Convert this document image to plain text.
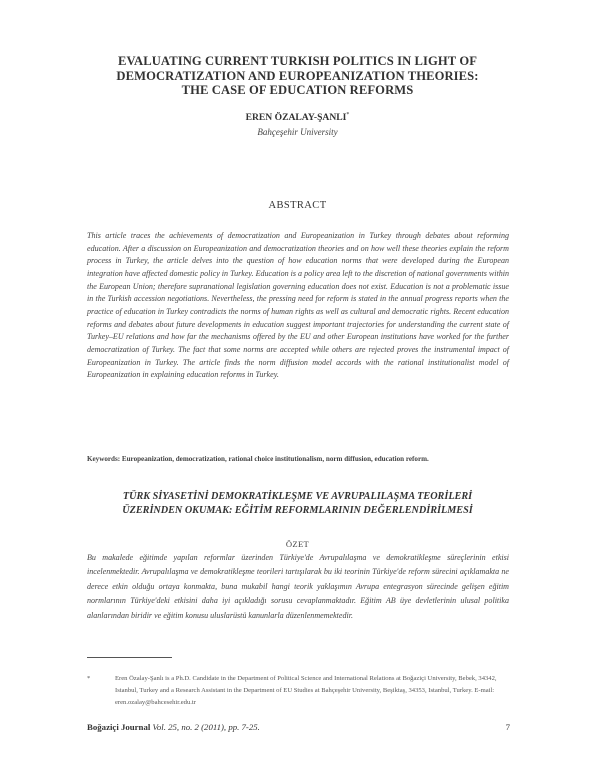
EVALUATING CURRENT TURKISH POLITICS IN LIGHT OF
DEMOCRATIZATION AND EUROPEANIZATION THEORIES:
THE CASE OF EDUCATION REFORMS
EREN ÖZALAY-ŞANLI*
Bahçeşehir University
ABSTRACT
This article traces the achievements of democratization and Europeanization in Turkey through debates about reforming education. After a discussion on Europeanization and democratization theories and on how well these theories explain the reform process in Turkey, the article delves into the question of how education norms that were developed during the European integration have affected domestic policy in Turkey. Education is a policy area left to the discretion of national governments within the European Union; therefore supranational legislation governing education does not exist. Education is not a problematic issue in the Turkish accession negotiations. Nevertheless, the pressing need for reform is stated in the annual progress reports when the practice of education in Turkey contradicts the norms of human rights as well as cultural and democratic rights. Recent education reforms and debates about future developments in education suggest important trajectories for understanding the current state of Turkey–EU relations and how far the mechanisms offered by the EU and other European institutions have worked for the further democratization of Turkey. The fact that some norms are accepted while others are rejected proves the instrumental impact of Europeanization in Turkey. The article finds the norm diffusion model accords with the rational institutionalist model of Europeanization in explaining education reforms in Turkey.
Keywords: Europeanization, democratization, rational choice institutionalism, norm diffusion, education reform.
TÜRK SİYASETİNİ DEMOKRATİKLEŞME VE AVRUPALILAŞMA TEORİLERİ
ÜZERİNDEN OKUMAK: EĞİTİM REFORMLARININ DEĞERLENDİRİLMESİ
ÖZET
Bu makalede eğitimde yapılan reformlar üzerinden Türkiye'de Avrupalılaşma ve demokratikleşme süreçlerinin etkisi incelenmektedir. Avrupalılaşma ve demokratikleşme teorileri tartışılarak bu iki teorinin Türkiye'de reform sürecini açıklamakta ne derece etkin olduğu ortaya konmakta, buna mukabil hangi teorik yaklaşımın Avrupa entegrasyon sürecinde gelişen eğitim normlarının Türkiye'deki etkisini daha iyi açıkladığı sorusu cevaplanmaktadır. Eğitim AB üye devletlerinin ulusal politika alanlarından biridir ve eğitim konusu uluslarüstü kanunlarla düzenlenmemektedir.
*	Eren Özalay-Şanlı is a Ph.D. Candidate in the Department of Political Science and International Relations at Boğaziçi University, Bebek, 34342, Istanbul, Turkey and a Research Assistant in the Department of EU Studies at Bahçeşehir University, Beşiktaş, 34353, Istanbul, Turkey. E-mail: eren.ozalay@bahcesehir.edu.tr
Boğaziçi Journal Vol. 25, no. 2 (2011), pp. 7-25.	7
